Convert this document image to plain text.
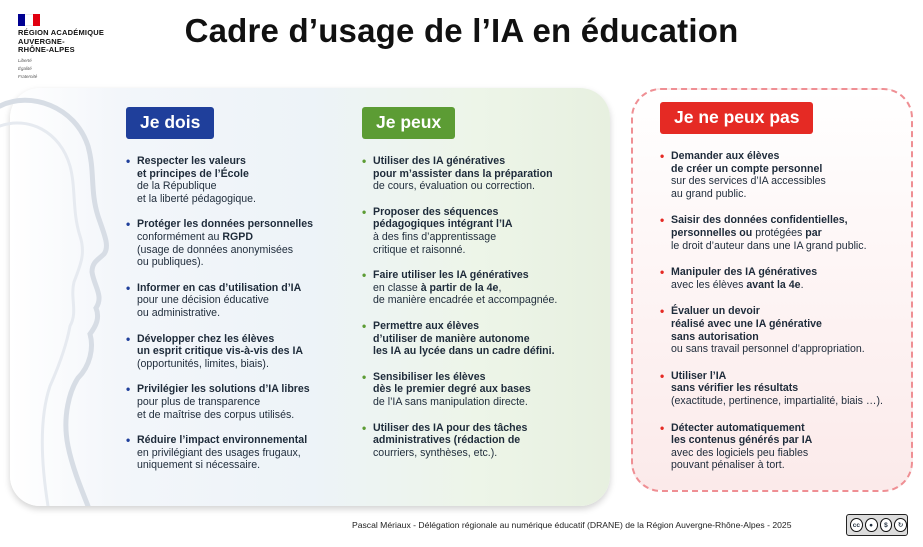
RÉGION ACADÉMIQUE
AUVERGNE-
RHÔNE-ALPES
Liberté
Égalité
Fraternité
Cadre d’usage de l’IA en éducation
Je dois
• Respecter les valeurs
et principes de l’École
de la République
et la liberté pédagogique.
• Protéger les données personnelles
conformément au RGPD
(usage de données anonymisées
ou publiques).
• Informer en cas d’utilisation d’IA
pour une décision éducative
ou administrative.
• Développer chez les élèves
un esprit critique vis-à-vis des IA
(opportunités, limites, biais).
• Privilégier les solutions d’IA libres
pour plus de transparence
et de maîtrise des corpus utilisés.
• Réduire l’impact environnemental
en privilégiant des usages frugaux,
uniquement si nécessaire.
Je peux
• Utiliser des IA génératives
pour m’assister dans la préparation
de cours, évaluation ou correction.
• Proposer des séquences
pédagogiques intégrant l’IA
à des fins d’apprentissage
critique et raisonné.
• Faire utiliser les IA génératives
en classe à partir de la 4e,
de manière encadrée et accompagnée.
• Permettre aux élèves
d’utiliser de manière autonome
les IA au lycée dans un cadre défini.
• Sensibiliser les élèves
dès le premier degré aux bases
de l’IA sans manipulation directe.
• Utiliser des IA pour des tâches
administratives (rédaction de
courriers, synthèses, etc.).
Je ne peux pas
• Demander aux élèves
de créer un compte personnel
sur des services d’IA accessibles
au grand public.
• Saisir des données confidentielles,
personnelles ou protégées par
le droit d’auteur dans une IA grand public.
• Manipuler des IA génératives
avec les élèves avant la 4e.
• Évaluer un devoir
réalisé avec une IA générative
sans autorisation
ou sans travail personnel d’appropriation.
• Utiliser l’IA
sans vérifier les résultats
(exactitude, pertinence, impartialité, biais …).
• Détecter automatiquement
les contenus générés par IA
avec des logiciels peu fiables
pouvant pénaliser à tort.
Pascal Mériaux - Délégation régionale au numérique éducatif (DRANE) de la Région Auvergne-Rhône-Alpes - 2025	cc	●	$	↻
